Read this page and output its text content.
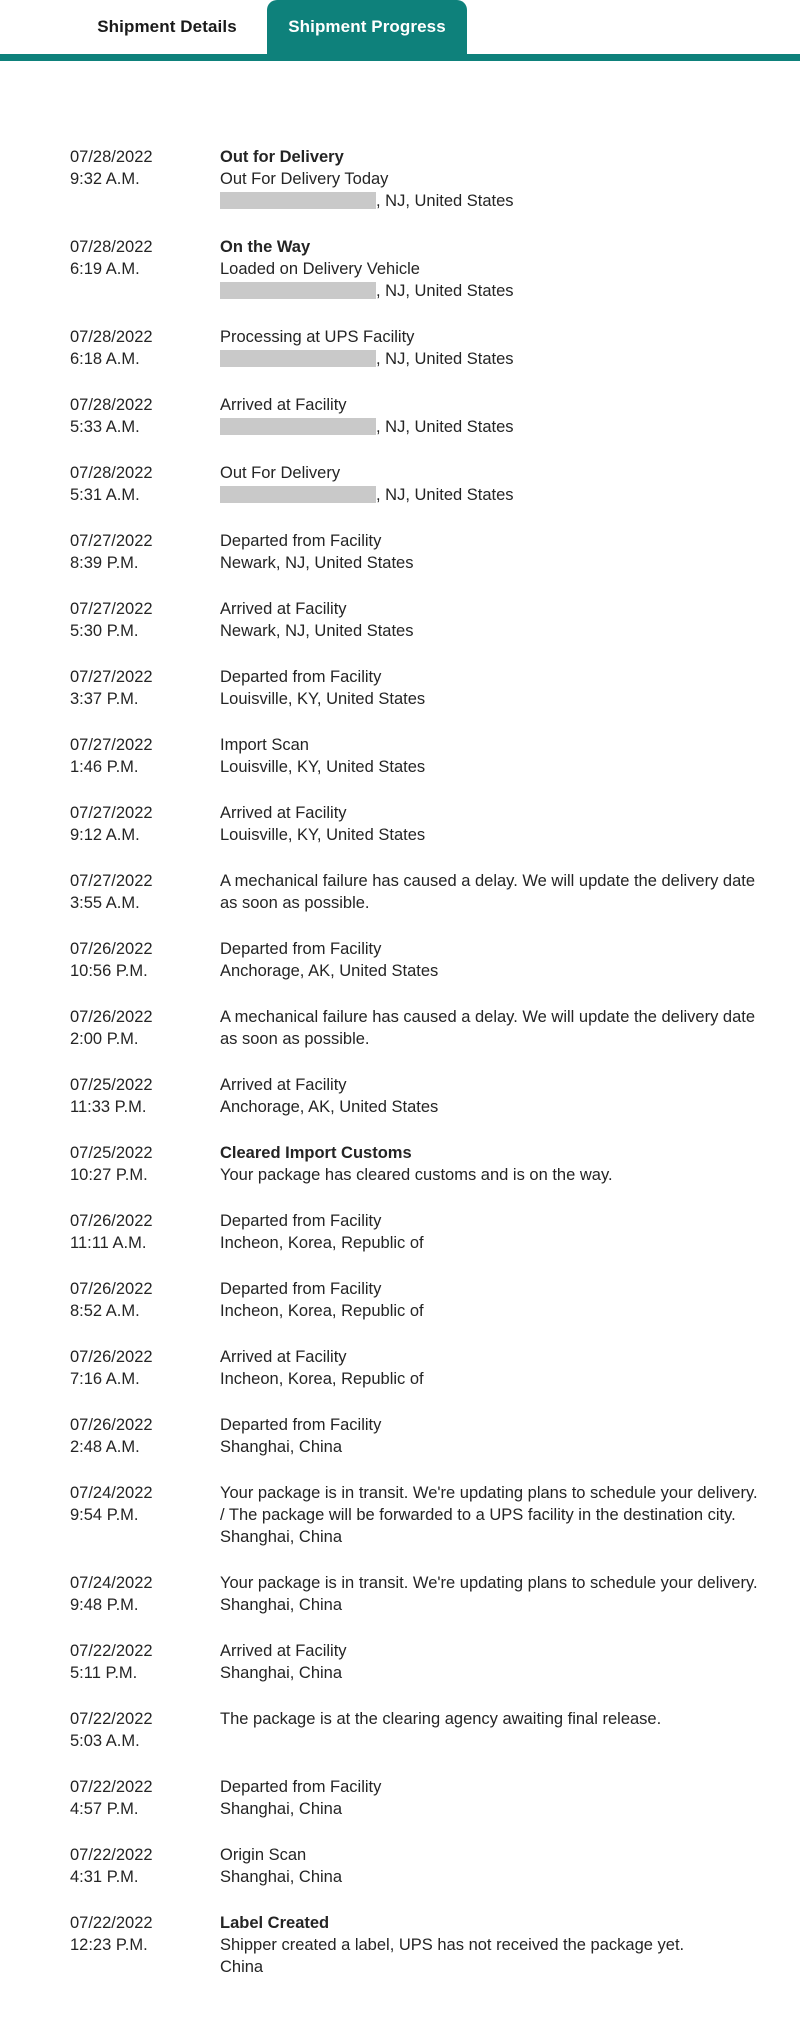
Shipment Details	Shipment Progress
07/28/2022
9:32 A.M.
Out for Delivery
Out For Delivery Today
, NJ, United States
07/28/2022
6:19 A.M.
On the Way
Loaded on Delivery Vehicle
, NJ, United States
07/28/2022
6:18 A.M.
Processing at UPS Facility
, NJ, United States
07/28/2022
5:33 A.M.
Arrived at Facility
, NJ, United States
07/28/2022
5:31 A.M.
Out For Delivery
, NJ, United States
07/27/2022
8:39 P.M.
Departed from Facility
Newark, NJ, United States
07/27/2022
5:30 P.M.
Arrived at Facility
Newark, NJ, United States
07/27/2022
3:37 P.M.
Departed from Facility
Louisville, KY, United States
07/27/2022
1:46 P.M.
Import Scan
Louisville, KY, United States
07/27/2022
9:12 A.M.
Arrived at Facility
Louisville, KY, United States
07/27/2022
3:55 A.M.
A mechanical failure has caused a delay. We will update the delivery date as soon as possible.
07/26/2022
10:56 P.M.
Departed from Facility
Anchorage, AK, United States
07/26/2022
2:00 P.M.
A mechanical failure has caused a delay. We will update the delivery date as soon as possible.
07/25/2022
11:33 P.M.
Arrived at Facility
Anchorage, AK, United States
07/25/2022
10:27 P.M.
Cleared Import Customs
Your package has cleared customs and is on the way.
07/26/2022
11:11 A.M.
Departed from Facility
Incheon, Korea, Republic of
07/26/2022
8:52 A.M.
Departed from Facility
Incheon, Korea, Republic of
07/26/2022
7:16 A.M.
Arrived at Facility
Incheon, Korea, Republic of
07/26/2022
2:48 A.M.
Departed from Facility
Shanghai, China
07/24/2022
9:54 P.M.
Your package is in transit. We're updating plans to schedule your delivery. / The package will be forwarded to a UPS facility in the destination city.
Shanghai, China
07/24/2022
9:48 P.M.
Your package is in transit. We're updating plans to schedule your delivery.
Shanghai, China
07/22/2022
5:11 P.M.
Arrived at Facility
Shanghai, China
07/22/2022
5:03 A.M.
The package is at the clearing agency awaiting final release.
07/22/2022
4:57 P.M.
Departed from Facility
Shanghai, China
07/22/2022
4:31 P.M.
Origin Scan
Shanghai, China
07/22/2022
12:23 P.M.
Label Created
Shipper created a label, UPS has not received the package yet.
China
